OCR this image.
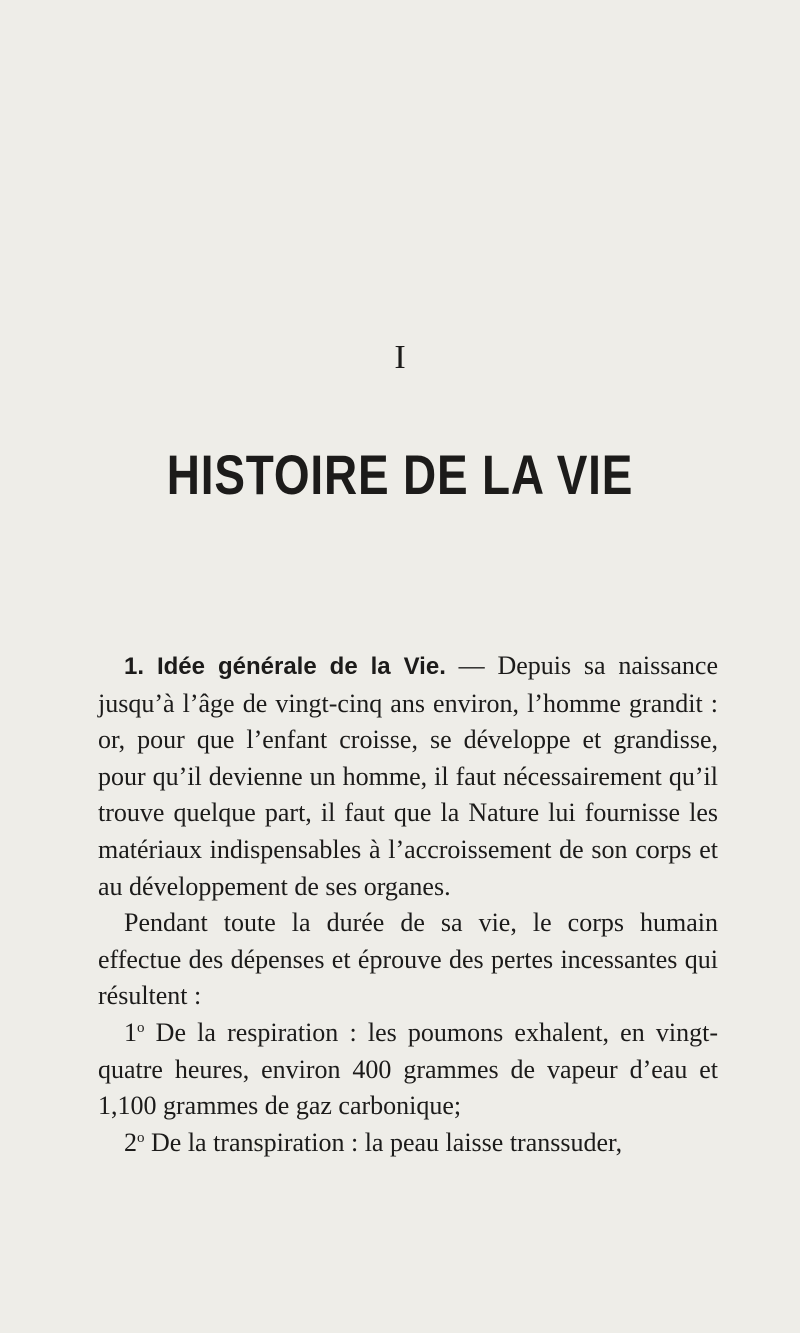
I
HISTOIRE DE LA VIE

1. Idée générale de la Vie. — Depuis sa naissance jusqu’à l’âge de vingt-cinq ans environ, l’homme grandit : or, pour que l’enfant croisse, se développe et grandisse, pour qu’il devienne un homme, il faut nécessairement qu’il trouve quelque part, il faut que la Nature lui fournisse les matériaux indispensables à l’accroissement de son corps et au développement de ses organes.

Pendant toute la durée de sa vie, le corps humain effectue des dépenses et éprouve des pertes incessantes qui résultent :

1$^o$ De la respiration : les poumons exhalent, en vingt-quatre heures, environ 400 grammes de vapeur d’eau et 1,100 grammes de gaz carbonique;

2$^o$ De la transpiration : la peau laisse transsuder,
